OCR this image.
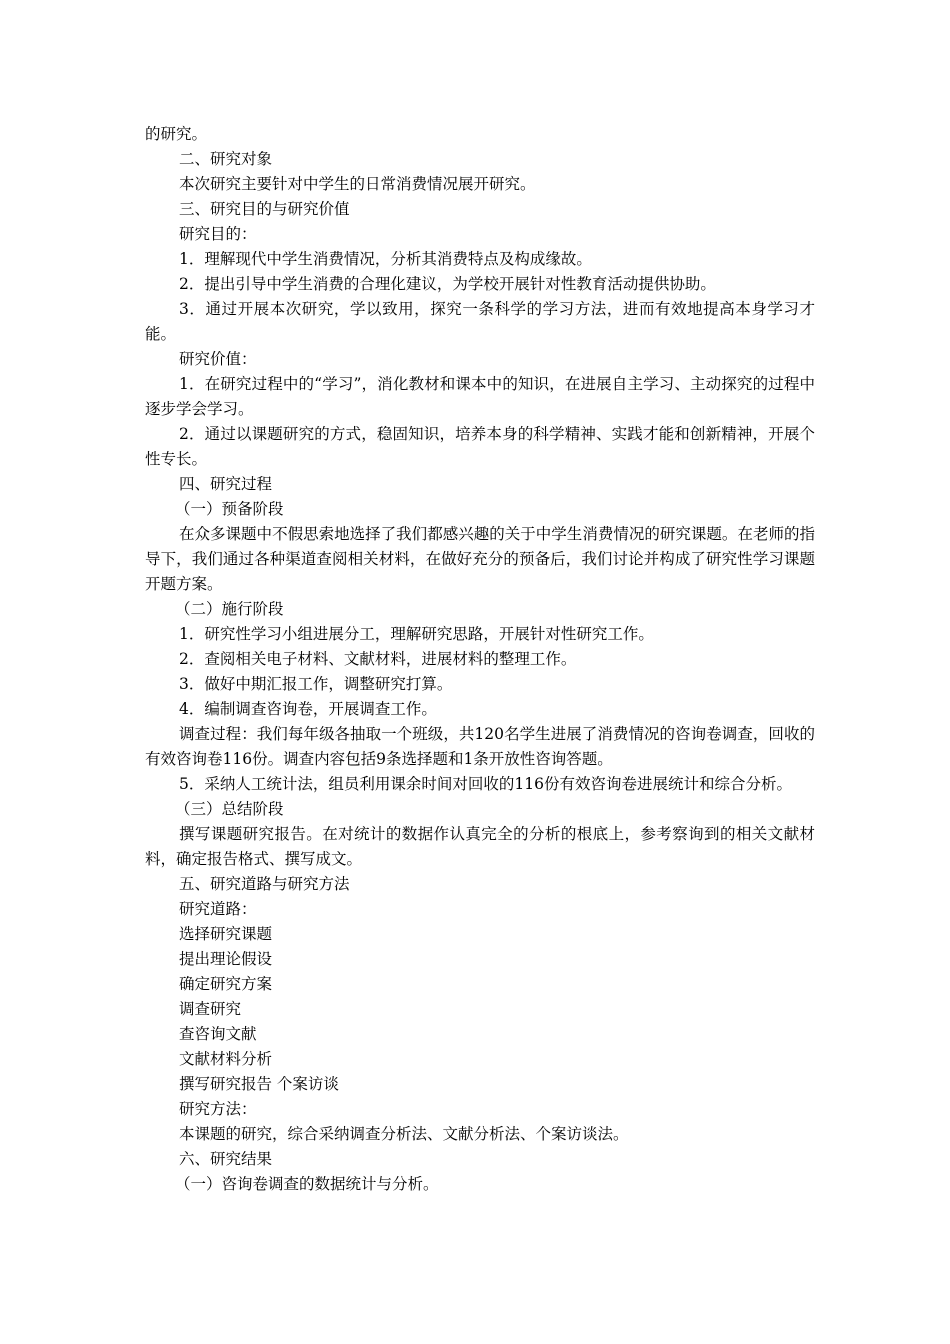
的研究。

二、研究对象

本次研究主要针对中学生的日常消费情况展开研究。

三、研究目的与研究价值

研究目的：

1．理解现代中学生消费情况，分析其消费特点及构成缘故。

2．提出引导中学生消费的合理化建议，为学校开展针对性教育活动提供协助。

3．通过开展本次研究，学以致用，探究一条科学的学习方法，进而有效地提高本身学习才能。

研究价值：

1．在研究过程中的“学习”，消化教材和课本中的知识，在进展自主学习、主动探究的过程中逐步学会学习。

2．通过以课题研究的方式，稳固知识，培养本身的科学精神、实践才能和创新精神，开展个性专长。

四、研究过程

（一）预备阶段

在众多课题中不假思索地选择了我们都感兴趣的关于中学生消费情况的研究课题。在老师的指导下，我们通过各种渠道查阅相关材料，在做好充分的预备后，我们讨论并构成了研究性学习课题开题方案。

（二）施行阶段

1．研究性学习小组进展分工，理解研究思路，开展针对性研究工作。

2．查阅相关电子材料、文献材料，进展材料的整理工作。

3．做好中期汇报工作，调整研究打算。

4．编制调查咨询卷，开展调查工作。

调查过程：我们每年级各抽取一个班级，共120名学生进展了消费情况的咨询卷调查，回收的有效咨询卷116份。调查内容包括9条选择题和1条开放性咨询答题。

5．采纳人工统计法，组员利用课余时间对回收的116份有效咨询卷进展统计和综合分析。

（三）总结阶段

撰写课题研究报告。在对统计的数据作认真完全的分析的根底上，参考察询到的相关文献材料，确定报告格式、撰写成文。

五、研究道路与研究方法

研究道路：

选择研究课题

提出理论假设

确定研究方案

调查研究

查咨询文献

文献材料分析

撰写研究报告 个案访谈

研究方法：

本课题的研究，综合采纳调查分析法、文献分析法、个案访谈法。

六、研究结果

（一）咨询卷调查的数据统计与分析。
